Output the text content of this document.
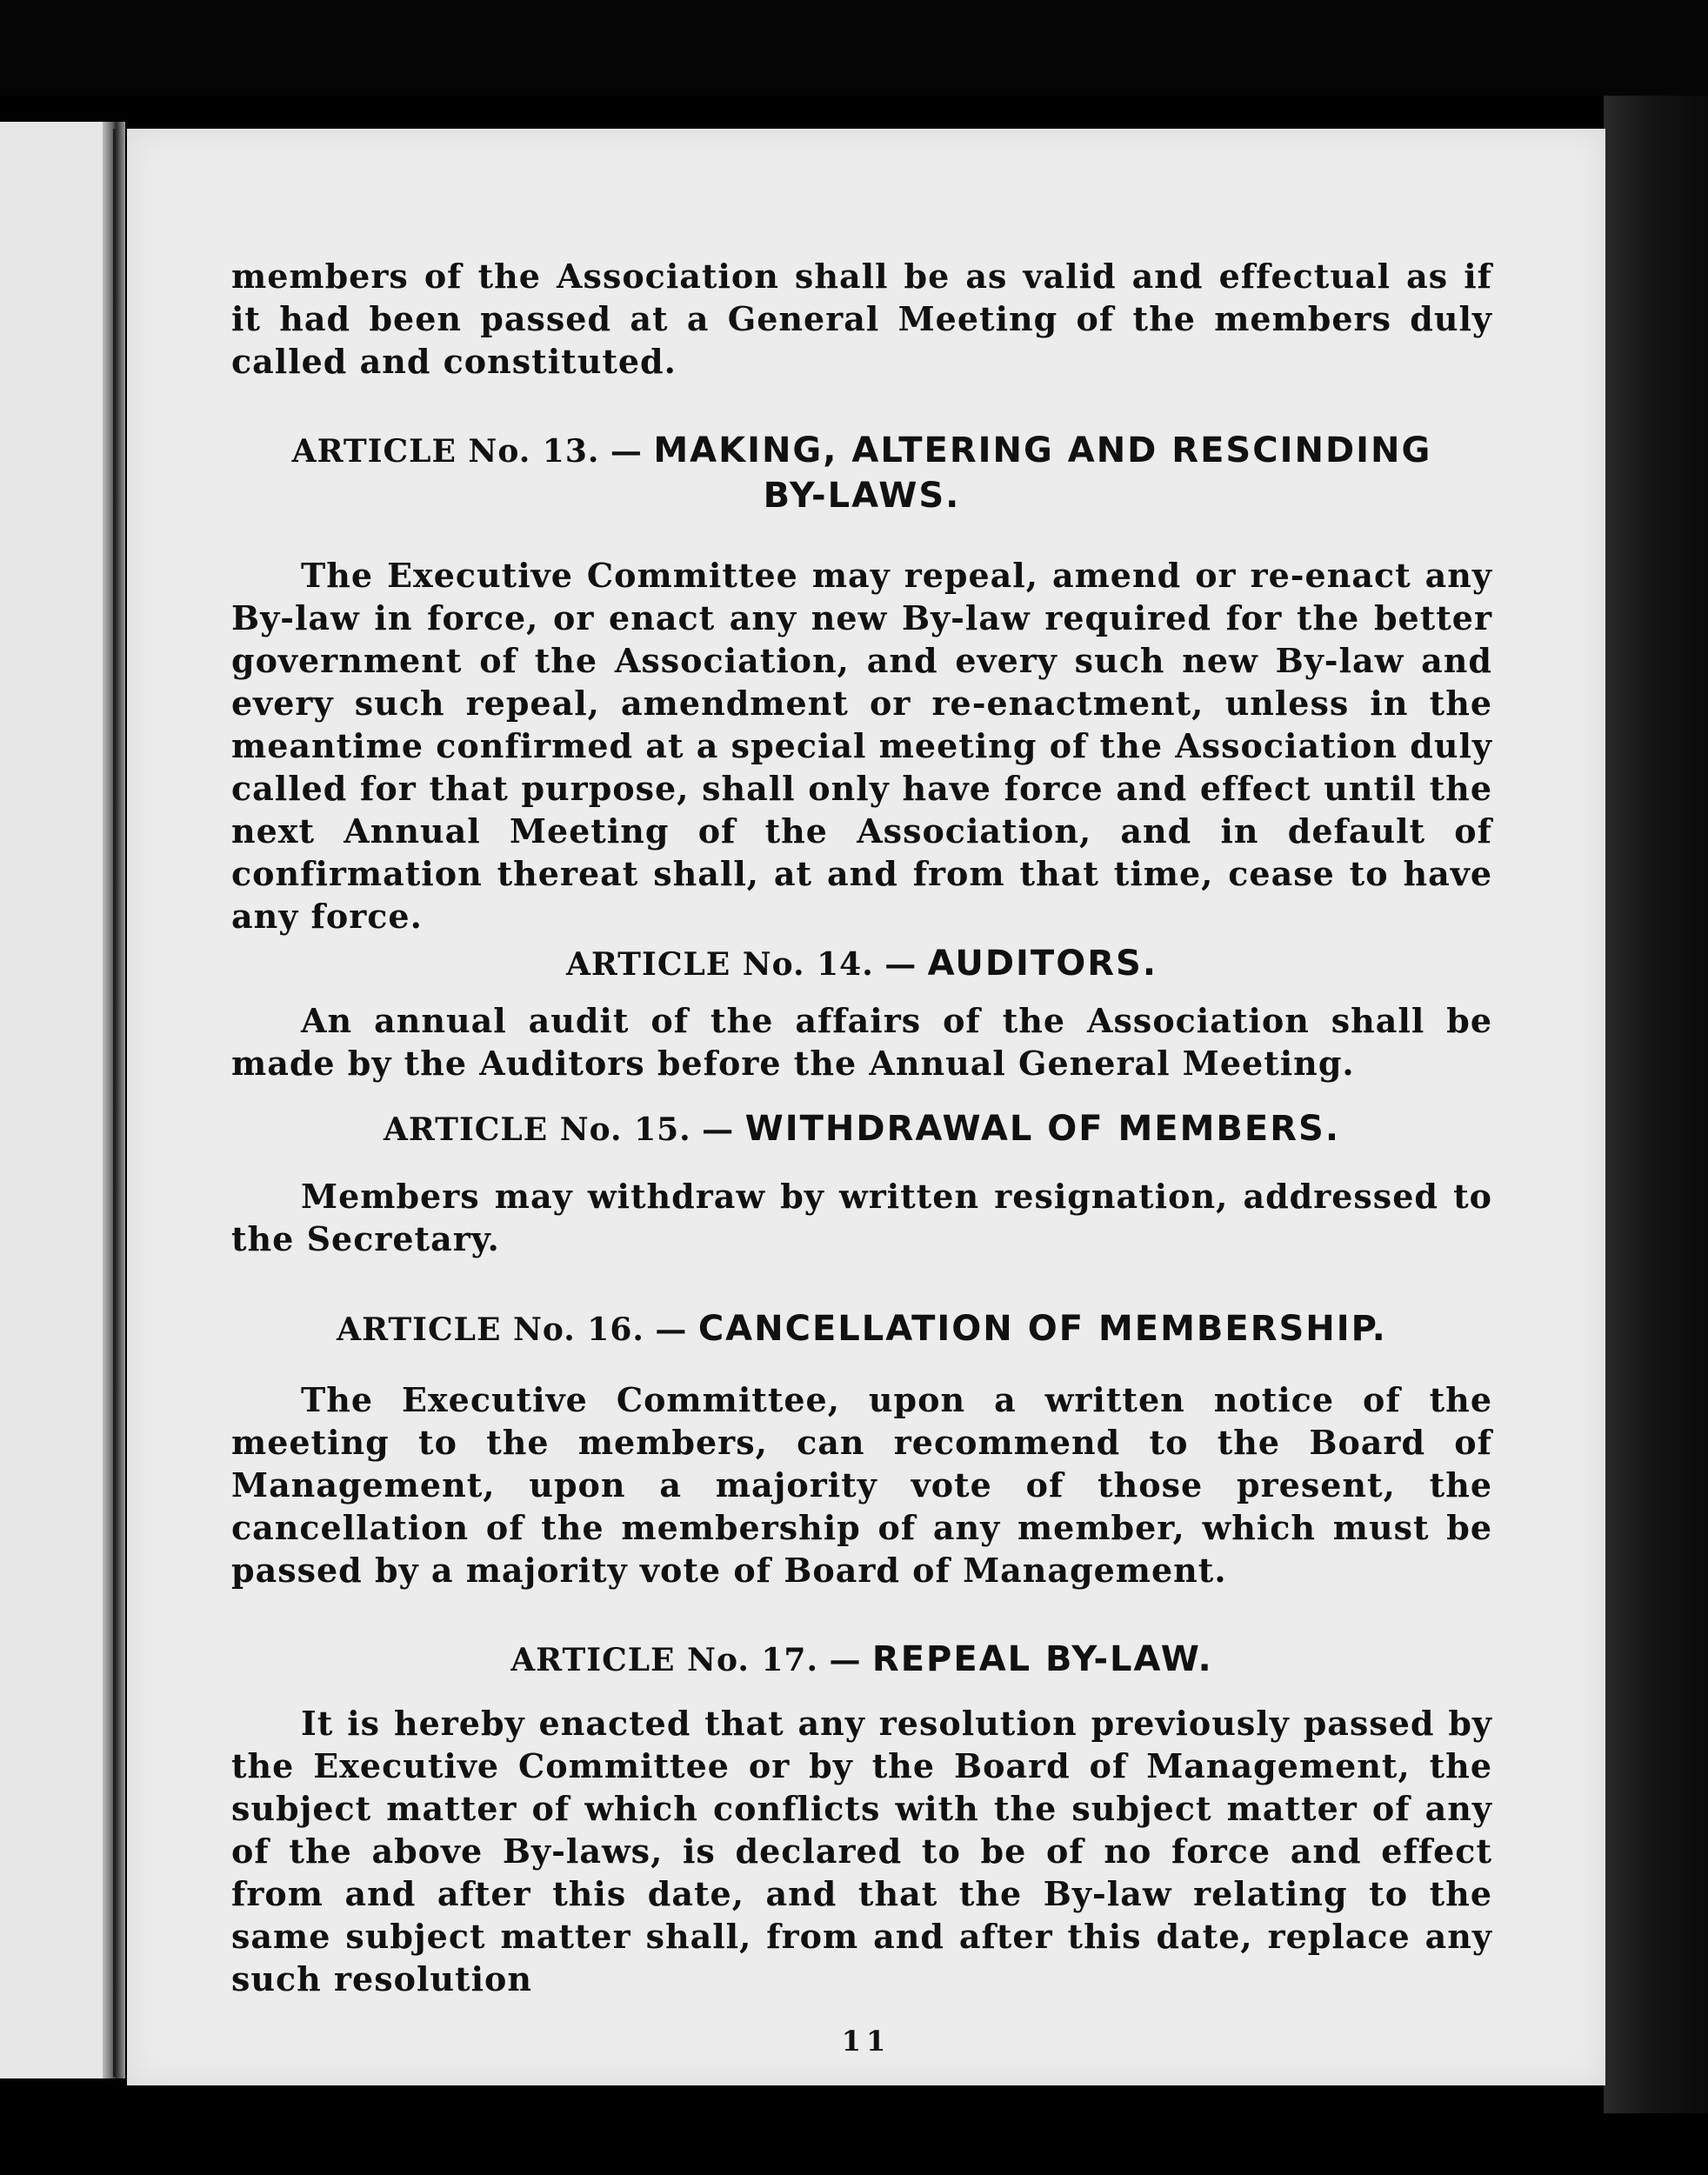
members of the Association shall be as valid and effectual as if it had been passed at a General Meeting of the members duly called and constituted.

ARTICLE No. 13. — MAKING, ALTERING AND RESCINDING BY-LAWS.

The Executive Committee may repeal, amend or re-enact any By-law in force, or enact any new By-law required for the better government of the Association, and every such new By-law and every such repeal, amendment or re-enactment, unless in the meantime confirmed at a special meeting of the Association duly called for that purpose, shall only have force and effect until the next Annual Meeting of the Association, and in default of confirmation thereat shall, at and from that time, cease to have any force.

ARTICLE No. 14. — AUDITORS.

An annual audit of the affairs of the Association shall be made by the Auditors before the Annual General Meeting.

ARTICLE No. 15. — WITHDRAWAL OF MEMBERS.

Members may withdraw by written resignation, addressed to the Secretary.

ARTICLE No. 16. — CANCELLATION OF MEMBERSHIP.

The Executive Committee, upon a written notice of the meeting to the members, can recommend to the Board of Management, upon a majority vote of those present, the cancellation of the membership of any member, which must be passed by a majority vote of Board of Management.

ARTICLE No. 17. — REPEAL BY-LAW.

It is hereby enacted that any resolution previously passed by the Executive Committee or by the Board of Management, the subject matter of which conflicts with the subject matter of any of the above By-laws, is declared to be of no force and effect from and after this date, and that the By-law relating to the same subject matter shall, from and after this date, replace any such resolution

11
